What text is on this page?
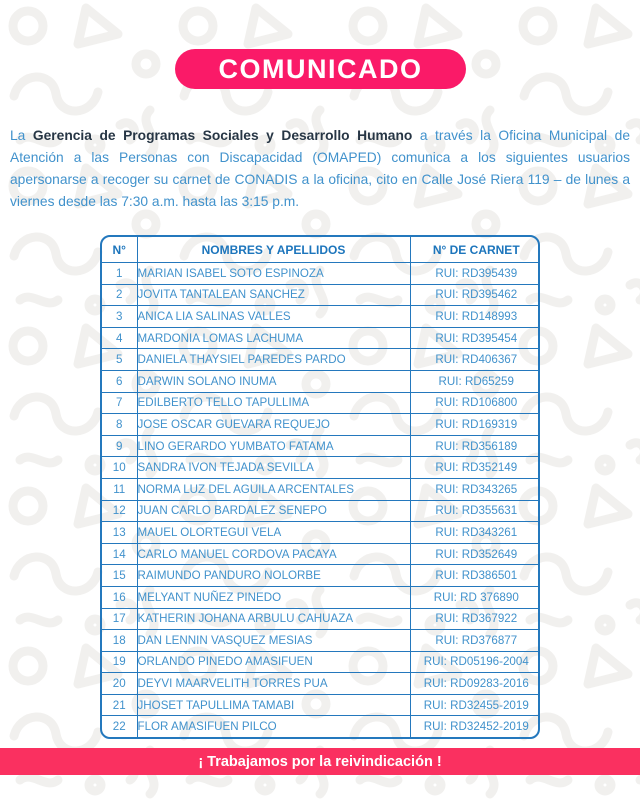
COMUNICADO

La Gerencia de Programas Sociales y Desarrollo Humano a través la Oficina Municipal de Atención a las Personas con Discapacidad (OMAPED) comunica a los siguientes usuarios apersonarse a recoger su carnet de CONADIS a la oficina, cito en Calle José Riera 119 – de lunes a viernes desde las 7:30 a.m. hasta las 3:15 p.m.

N°	NOMBRES Y APELLIDOS	N° DE CARNET
1	MARIAN ISABEL SOTO ESPINOZA	RUI: RD395439
2	JOVITA TANTALEAN SANCHEZ	RUI: RD395462
3	ANICA LIA SALINAS VALLES	RUI: RD148993
4	MARDONIA LOMAS LACHUMA	RUI: RD395454
5	DANIELA THAYSIEL PAREDES PARDO	RUI: RD406367
6	DARWIN SOLANO INUMA	RUI: RD65259
7	EDILBERTO TELLO TAPULLIMA	RUI: RD106800
8	JOSE OSCAR GUEVARA REQUEJO	RUI: RD169319
9	LINO GERARDO YUMBATO FATAMA	RUI: RD356189
10	SANDRA IVON TEJADA SEVILLA	RUI: RD352149
11	NORMA LUZ DEL AGUILA ARCENTALES	RUI: RD343265
12	JUAN CARLO BARDALEZ SENEPO	RUI: RD355631
13	MAUEL OLORTEGUI VELA	RUI: RD343261
14	CARLO MANUEL CORDOVA PACAYA	RUI: RD352649
15	RAIMUNDO PANDURO NOLORBE	RUI: RD386501
16	MELYANT NUÑEZ PINEDO	RUI: RD 376890
17	KATHERIN JOHANA ARBULU CAHUAZA	RUI: RD367922
18	DAN LENNIN VASQUEZ MESIAS	RUI: RD376877
19	ORLANDO PINEDO AMASIFUEN	RUI: RD05196-2004
20	DEYVI MAARVELITH TORRES PUA	RUI: RD09283-2016
21	JHOSET TAPULLIMA TAMABI	RUI: RD32455-2019
22	FLOR AMASIFUEN PILCO	RUI: RD32452-2019
¡ Trabajamos por la reivindicación !
